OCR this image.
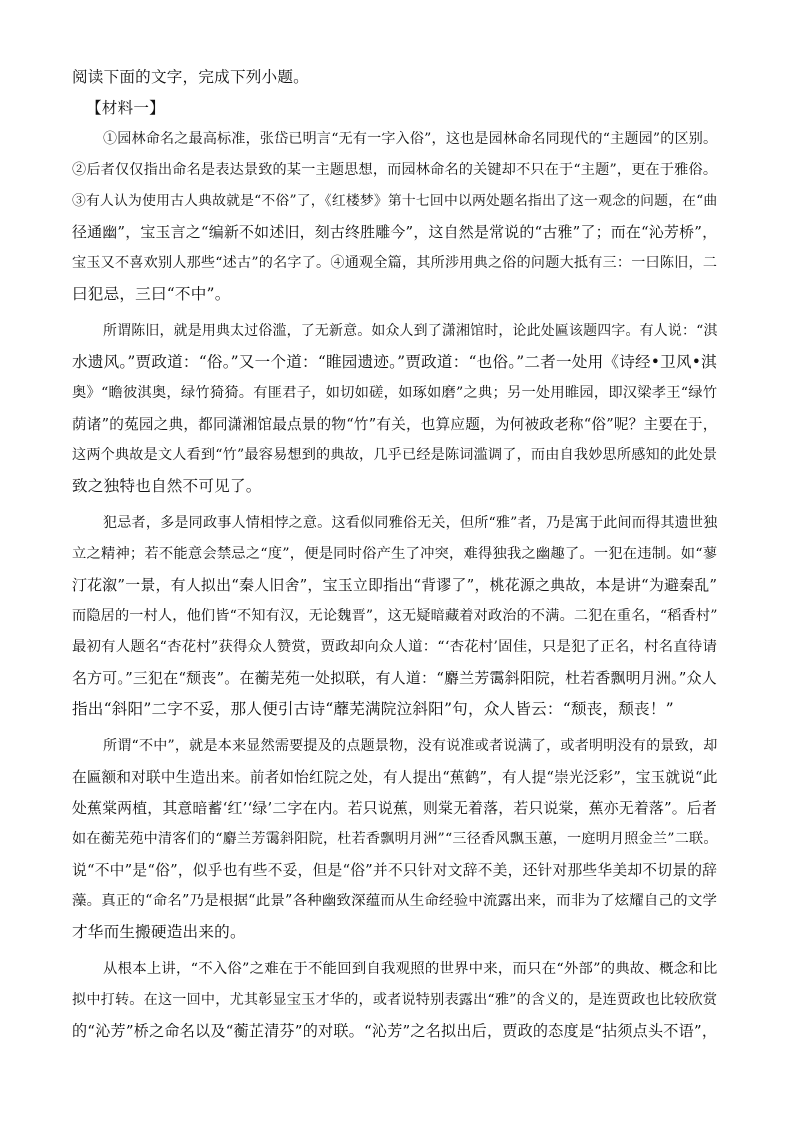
阅读下面的文字，完成下列小题。

【材料一】

①园林命名之最高标准，张岱已明言“无有一字入俗”，这也是园林命名同现代的“主题园”的区别。
②后者仅仅指出命名是表达景致的某一主题思想，而园林命名的关键却不只在于“主题”，更在于雅俗。
③有人认为使用古人典故就是“不俗”了，《红楼梦》第十七回中以两处题名指出了这一观念的问题，在“曲
径通幽”，宝玉言之“编新不如述旧，刻古终胜雕今”，这自然是常说的“古雅”了；而在“沁芳桥”，
宝玉又不喜欢别人那些“述古”的名字了。④通观全篇，其所涉用典之俗的问题大抵有三：一曰陈旧，二
曰犯忌，三曰“不中”。

所谓陈旧，就是用典太过俗滥，了无新意。如众人到了潇湘馆时，论此处匾该题四字。有人说：“淇
水遗风。”贾政道：“俗。”又一个道：“睢园遗迹。”贾政道：“也俗。”二者一处用《诗经•卫风•淇
奥》“瞻彼淇奥，绿竹猗猗。有匪君子，如切如磋，如琢如磨”之典；另一处用睢园，即汉梁孝王“绿竹
荫诸”的菟园之典，都同潇湘馆最点景的物“竹”有关，也算应题，为何被政老称“俗”呢？主要在于，
这两个典故是文人看到“竹”最容易想到的典故，几乎已经是陈词滥调了，而由自我妙思所感知的此处景
致之独特也自然不可见了。

犯忌者，多是同政事人情相悖之意。这看似同雅俗无关，但所“雅”者，乃是寓于此间而得其遗世独
立之精神；若不能意会禁忌之“度”，便是同时俗产生了冲突，难得独我之幽趣了。一犯在违制。如“蓼
汀花溆”一景，有人拟出“秦人旧舍”，宝玉立即指出“背谬了”，桃花源之典故，本是讲“为避秦乱”
而隐居的一村人，他们皆“不知有汉，无论魏晋”，这无疑暗藏着对政治的不满。二犯在重名，“稻香村”
最初有人题名“杏花村”获得众人赞赏，贾政却向众人道：“‘杏花村’固佳，只是犯了正名，村名直待请
名方可。”三犯在“颓丧”。在蘅芜苑一处拟联，有人道：“麝兰芳霭斜阳院，杜若香飘明月洲。”众人
指出“斜阳”二字不妥，那人便引古诗“蘼芜满院泣斜阳”句，众人皆云：“颓丧，颓丧！”

所谓“不中”，就是本来显然需要提及的点题景物，没有说准或者说满了，或者明明没有的景致，却
在匾额和对联中生造出来。前者如怡红院之处，有人提出“蕉鹤”，有人提“崇光泛彩”，宝玉就说“此
处蕉棠两植，其意暗蓄‘红’‘绿’二字在内。若只说蕉，则棠无着落，若只说棠，蕉亦无着落”。后者
如在蘅芜苑中清客们的“麝兰芳霭斜阳院，杜若香飘明月洲”“三径香风飘玉蕙，一庭明月照金兰”二联。
说“不中”是“俗”，似乎也有些不妥，但是“俗”并不只针对文辞不美，还针对那些华美却不切景的辞
藻。真正的“命名”乃是根据“此景”各种幽致深蕴而从生命经验中流露出来，而非为了炫耀自己的文学
才华而生搬硬造出来的。

从根本上讲，“不入俗”之难在于不能回到自我观照的世界中来，而只在“外部”的典故、概念和比
拟中打转。在这一回中，尤其彰显宝玉才华的，或者说特别表露出“雅”的含义的，是连贾政也比较欣赏
的“沁芳”桥之命名以及“蘅芷清芬”的对联。“沁芳”之名拟出后，贾政的态度是“拈须点头不语”，
